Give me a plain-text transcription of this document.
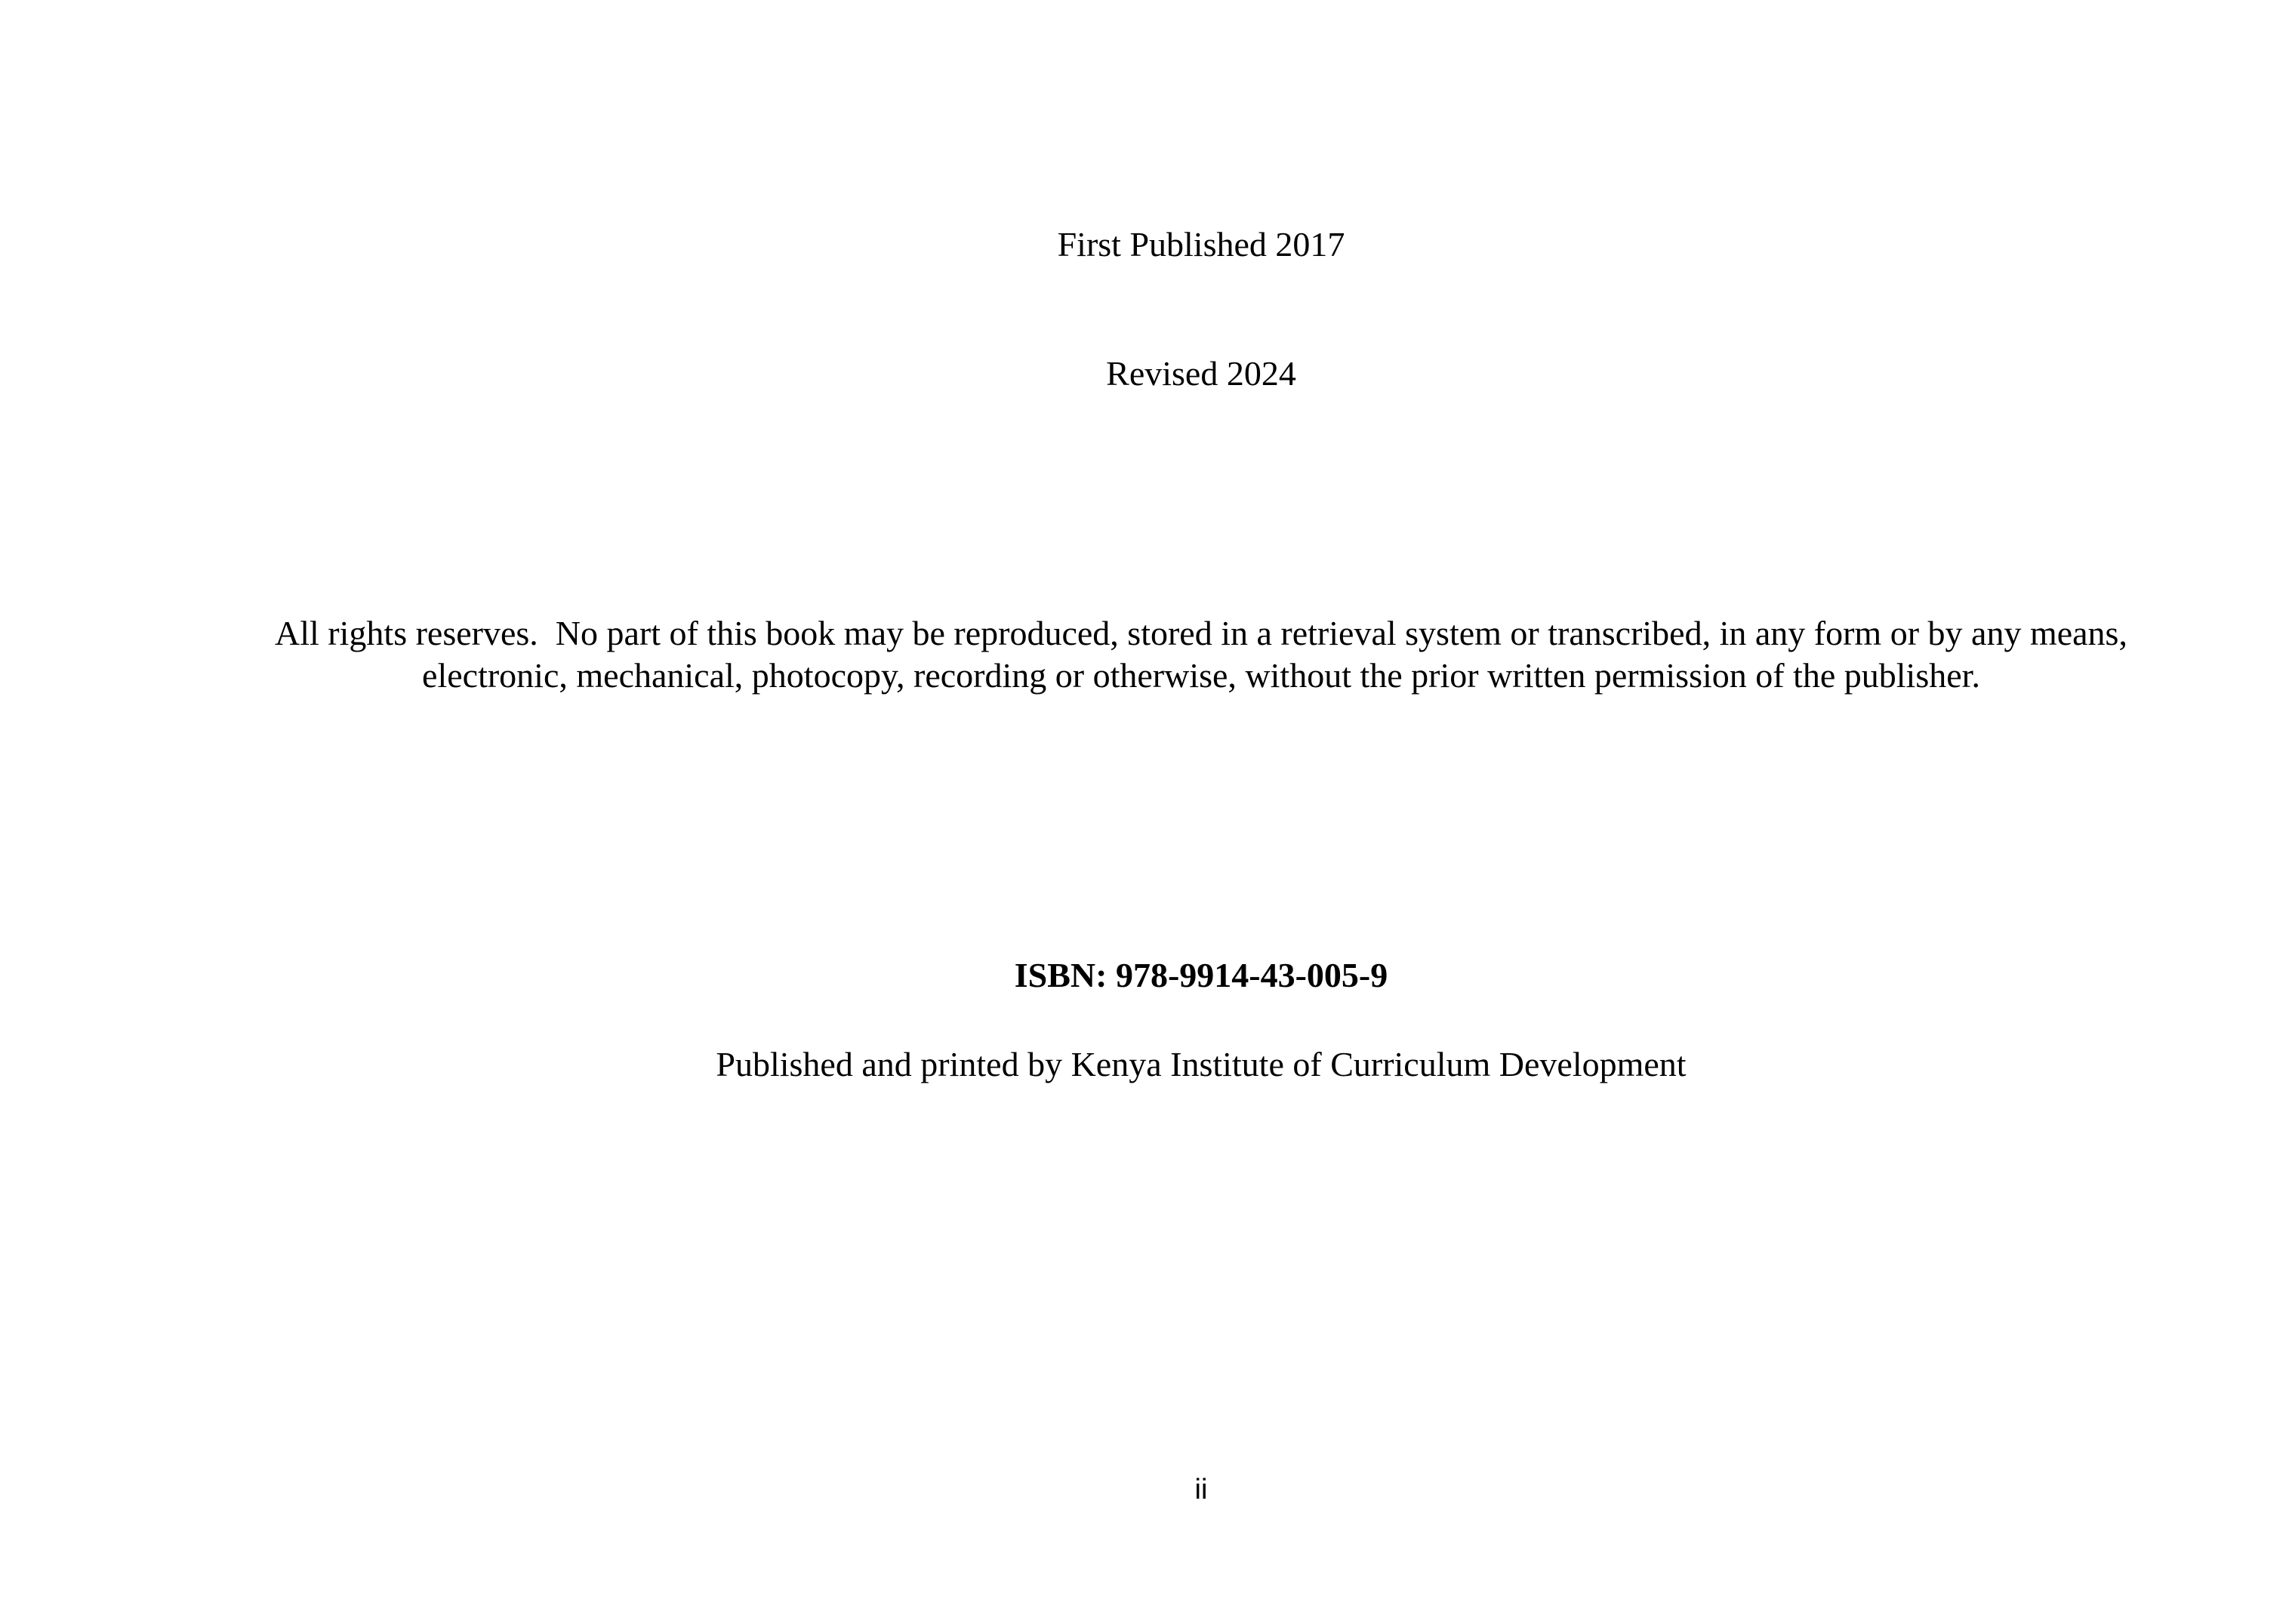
First Published 2017
Revised 2024
All rights reserves.  No part of this book may be reproduced, stored in a retrieval system or transcribed, in any form or by any means, electronic, mechanical, photocopy, recording or otherwise, without the prior written permission of the publisher.
ISBN: 978-9914-43-005-9
Published and printed by Kenya Institute of Curriculum Development
ii
